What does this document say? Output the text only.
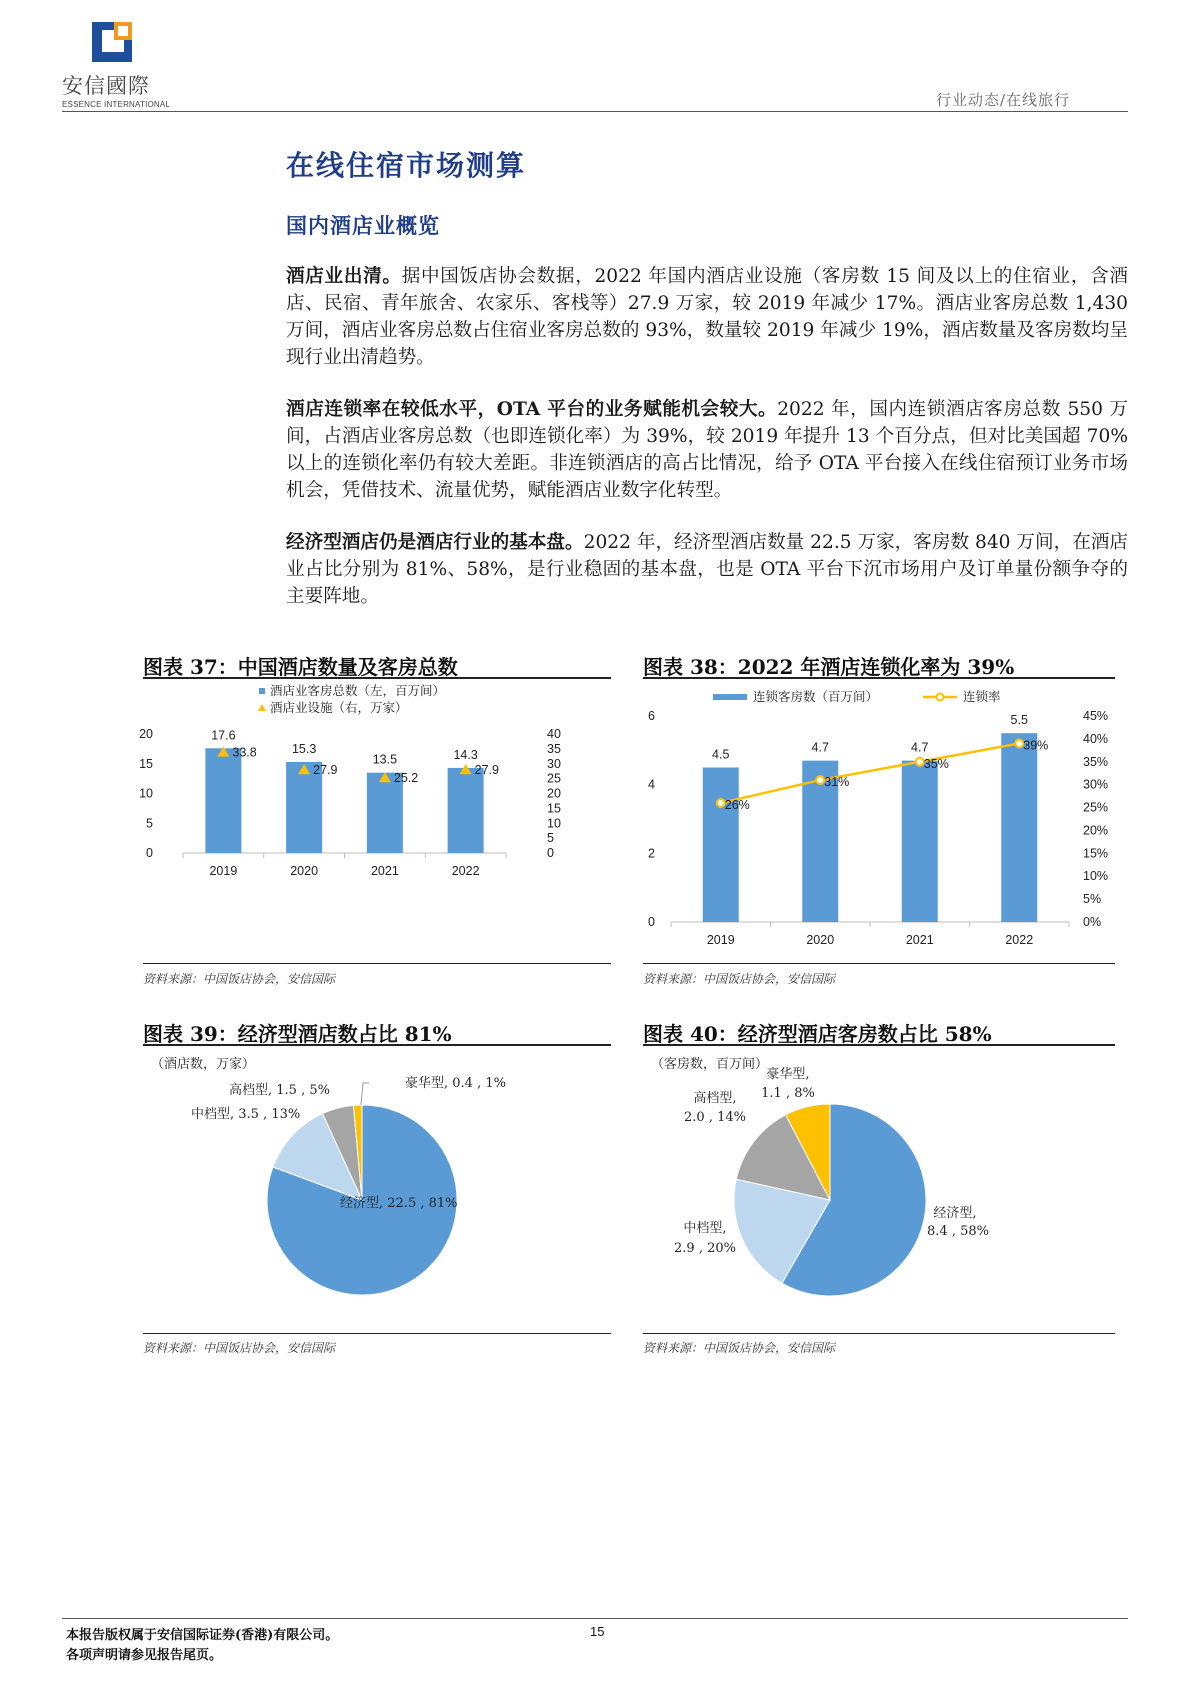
安信國際
ESSENCE INTERNATIONAL	行业动态/在线旅行
在线住宿市场测算
国内酒店业概览
酒店业出清。据中国饭店协会数据，2022 年国内酒店业设施（客房数 15 间及以上的住宿业，含酒店、民宿、青年旅舍、农家乐、客栈等）27.9 万家，较 2019 年减少 17%。酒店业客房总数 1,430 万间，酒店业客房总数占住宿业客房总数的 93%，数量较 2019 年减少 19%，酒店数量及客房数均呈现行业出清趋势。
酒店连锁率在较低水平，OTA 平台的业务赋能机会较大。2022 年，国内连锁酒店客房总数 550 万间，占酒店业客房总数（也即连锁化率）为 39%，较 2019 年提升 13 个百分点，但对比美国超 70%以上的连锁化率仍有较大差距。非连锁酒店的高占比情况，给予 OTA 平台接入在线住宿预订业务市场机会，凭借技术、流量优势，赋能酒店业数字化转型。
经济型酒店仍是酒店行业的基本盘。2022 年，经济型酒店数量 22.5 万家，客房数 840 万间，在酒店业占比分别为 81%、58%，是行业稳固的基本盘，也是 OTA 平台下沉市场用户及订单量份额争夺的主要阵地。
图表 37：中国酒店数量及客房总数
酒店业客房总数（左，百万间）
酒店业设施（右，万家）
0
5
10
15
20
0
5
10
15
20
25
30
35
40
17.6
2019
15.3
2020
13.5
2021
14.3
2022
33.8
27.9
25.2
27.9
资料来源：中国饭店协会，安信国际
图表 38：2022 年酒店连锁化率为 39%
连锁客房数（百万间）	连锁率
0
2
4
6
0%
5%
10%
15%
20%
25%
30%
35%
40%
45%
4.5
2019
4.7
2020
4.7
2021
5.5
2022
26%
31%
35%
39%
资料来源：中国饭店协会，安信国际
图表 39：经济型酒店数占比 81%
（酒店数，万家）
经济型, 22.5 , 81%
中档型, 3.5 , 13%
高档型, 1.5 , 5%	豪华型, 0.4 , 1%
资料来源：中国饭店协会，安信国际
图表 40：经济型酒店客房数占比 58%
（客房数，百万间）
经济型,
8.4 , 58%
中档型,
2.9 , 20%
高档型,
2.0 , 14%
豪华型,
1.1 , 8%
资料来源：中国饭店协会，安信国际
本报告版权属于安信国际证券(香港)有限公司。
各项声明请参见报告尾页。
15
